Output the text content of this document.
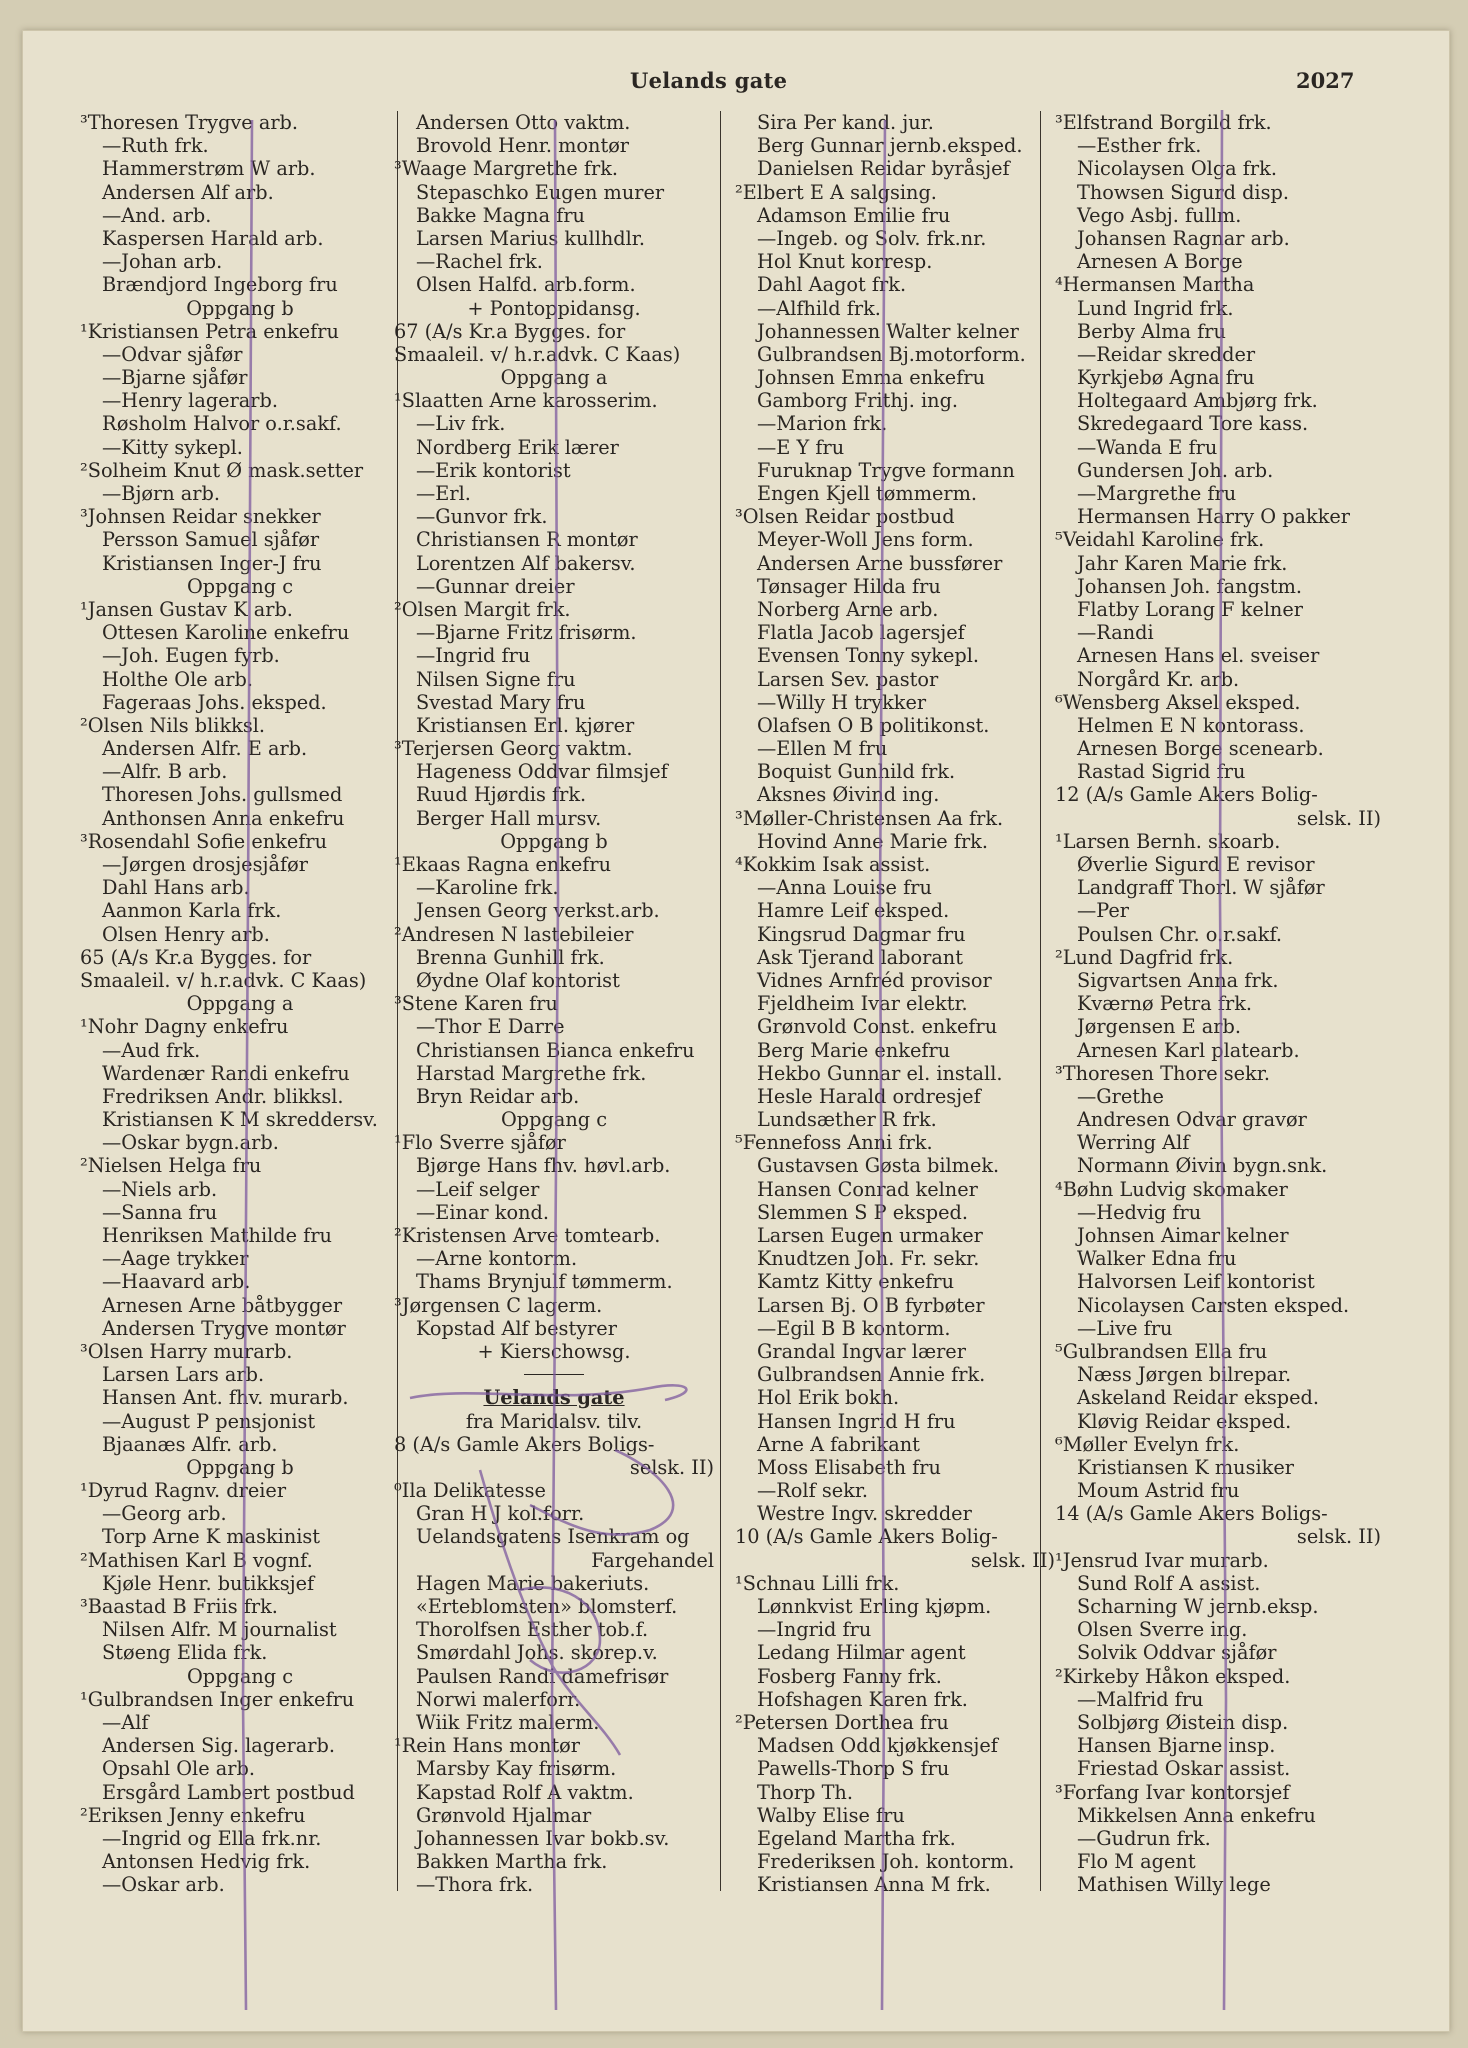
Uelands gate	2027
³Thoresen Trygve arb.
—Ruth frk.
Hammerstrøm W arb.
Andersen Alf arb.
—And. arb.
Kaspersen Harald arb.
—Johan arb.
Brændjord Ingeborg fru
Oppgang b
¹Kristiansen Petra enkefru
—Odvar sjåfør
—Bjarne sjåfør
—Henry lagerarb.
Røsholm Halvor o.r.sakf.
—Kitty sykepl.
²Solheim Knut Ø mask.setter
—Bjørn arb.
³Johnsen Reidar snekker
Persson Samuel sjåfør
Kristiansen Inger-J fru
Oppgang c
¹Jansen Gustav K arb.
Ottesen Karoline enkefru
—Joh. Eugen fyrb.
Holthe Ole arb.
Fageraas Johs. eksped.
²Olsen Nils blikksl.
Andersen Alfr. E arb.
—Alfr. B arb.
Thoresen Johs. gullsmed
Anthonsen Anna enkefru
³Rosendahl Sofie enkefru
—Jørgen drosjesjåfør
Dahl Hans arb.
Aanmon Karla frk.
Olsen Henry arb.
65 (A/s Kr.a Bygges. for
Smaaleil. v/ h.r.advk. C Kaas)
Oppgang a
¹Nohr Dagny enkefru
—Aud frk.
Wardenær Randi enkefru
Fredriksen Andr. blikksl.
Kristiansen K M skreddersv.
—Oskar bygn.arb.
²Nielsen Helga fru
—Niels arb.
—Sanna fru
Henriksen Mathilde fru
—Aage trykker
—Haavard arb.
Arnesen Arne båtbygger
Andersen Trygve montør
³Olsen Harry murarb.
Larsen Lars arb.
Hansen Ant. fhv. murarb.
—August P pensjonist
Bjaanæs Alfr. arb.
Oppgang b
¹Dyrud Ragnv. dreier
—Georg arb.
Torp Arne K maskinist
²Mathisen Karl B vognf.
Kjøle Henr. butikksjef
³Baastad B Friis frk.
Nilsen Alfr. M journalist
Støeng Elida frk.
Oppgang c
¹Gulbrandsen Inger enkefru
—Alf
Andersen Sig. lagerarb.
Opsahl Ole arb.
Ersgård Lambert postbud
²Eriksen Jenny enkefru
—Ingrid og Ella frk.nr.
Antonsen Hedvig frk.
—Oskar arb.
Andersen Otto vaktm.
Brovold Henr. montør
³Waage Margrethe frk.
Stepaschko Eugen murer
Bakke Magna fru
Larsen Marius kullhdlr.
—Rachel frk.
Olsen Halfd. arb.form.
+ Pontoppidansg.
67 (A/s Kr.a Bygges. for
Smaaleil. v/ h.r.advk. C Kaas)
Oppgang a
¹Slaatten Arne karosserim.
—Liv frk.
Nordberg Erik lærer
—Erik kontorist
—Erl.
—Gunvor frk.
Christiansen R montør
Lorentzen Alf bakersv.
—Gunnar dreier
²Olsen Margit frk.
—Bjarne Fritz frisørm.
—Ingrid fru
Nilsen Signe fru
Svestad Mary fru
Kristiansen Erl. kjører
³Terjersen Georg vaktm.
Hageness Oddvar filmsjef
Ruud Hjørdis frk.
Berger Hall mursv.
Oppgang b
¹Ekaas Ragna enkefru
—Karoline frk.
Jensen Georg verkst.arb.
²Andresen N lastebileier
Brenna Gunhill frk.
Øydne Olaf kontorist
³Stene Karen fru
—Thor E Darre
Christiansen Bianca enkefru
Harstad Margrethe frk.
Bryn Reidar arb.
Oppgang c
¹Flo Sverre sjåfør
Bjørge Hans fhv. høvl.arb.
—Leif selger
—Einar kond.
²Kristensen Arve tomtearb.
—Arne kontorm.
Thams Brynjulf tømmerm.
³Jørgensen C lagerm.
Kopstad Alf bestyrer
+ Kierschowsg.
Uelands gate
fra Maridalsv. tilv.
8 (A/s Gamle Akers Boligs-
selsk. II)
⁰Ila Delikatesse
Gran H J kol.forr.
Uelandsgatens Isenkram og
Fargehandel
Hagen Marie bakeriuts.
«Erteblomsten» blomsterf.
Thorolfsen Esther tob.f.
Smørdahl Johs. skorep.v.
Paulsen Randi damefrisør
Norwi malerforr.
Wiik Fritz malerm.
¹Rein Hans montør
Marsby Kay frisørm.
Kapstad Rolf A vaktm.
Grønvold Hjalmar
Johannessen Ivar bokb.sv.
Bakken Martha frk.
—Thora frk.
Sira Per kand. jur.
Berg Gunnar jernb.eksped.
Danielsen Reidar byråsjef
²Elbert E A salgsing.
Adamson Emilie fru
—Ingeb. og Solv. frk.nr.
Hol Knut korresp.
Dahl Aagot frk.
—Alfhild frk.
Johannessen Walter kelner
Gulbrandsen Bj.motorform.
Johnsen Emma enkefru
Gamborg Frithj. ing.
—Marion frk.
—E Y fru
Furuknap Trygve formann
Engen Kjell tømmerm.
³Olsen Reidar postbud
Meyer-Woll Jens form.
Andersen Arne bussfører
Tønsager Hilda fru
Norberg Arne arb.
Flatla Jacob lagersjef
Evensen Tonny sykepl.
Larsen Sev. pastor
—Willy H trykker
Olafsen O B politikonst.
—Ellen M fru
Boquist Gunhild frk.
Aksnes Øivind ing.
³Møller-Christensen Aa frk.
Hovind Anne Marie frk.
⁴Kokkim Isak assist.
—Anna Louise fru
Hamre Leif eksped.
Kingsrud Dagmar fru
Ask Tjerand laborant
Vidnes Arnfréd provisor
Fjeldheim Ivar elektr.
Grønvold Const. enkefru
Berg Marie enkefru
Hekbo Gunnar el. install.
Hesle Harald ordresjef
Lundsæther R frk.
⁵Fennefoss Anni frk.
Gustavsen Gøsta bilmek.
Hansen Conrad kelner
Slemmen S P eksped.
Larsen Eugen urmaker
Knudtzen Joh. Fr. sekr.
Kamtz Kitty enkefru
Larsen Bj. O B fyrbøter
—Egil B B kontorm.
Grandal Ingvar lærer
Gulbrandsen Annie frk.
Hol Erik bokh.
Hansen Ingrid H fru
Arne A fabrikant
Moss Elisabeth fru
—Rolf sekr.
Westre Ingv. skredder
10 (A/s Gamle Akers Bolig-
selsk. II)
¹Schnau Lilli frk.
Lønnkvist Erling kjøpm.
—Ingrid fru
Ledang Hilmar agent
Fosberg Fanny frk.
Hofshagen Karen frk.
²Petersen Dorthea fru
Madsen Odd kjøkkensjef
Pawells-Thorp S fru
Thorp Th.
Walby Elise fru
Egeland Martha frk.
Frederiksen Joh. kontorm.
Kristiansen Anna M frk.
³Elfstrand Borgild frk.
—Esther frk.
Nicolaysen Olga frk.
Thowsen Sigurd disp.
Vego Asbj. fullm.
Johansen Ragnar arb.
Arnesen A Borge
⁴Hermansen Martha
Lund Ingrid frk.
Berby Alma fru
—Reidar skredder
Kyrkjebø Agna fru
Holtegaard Ambjørg frk.
Skredegaard Tore kass.
—Wanda E fru
Gundersen Joh. arb.
—Margrethe fru
Hermansen Harry O pakker
⁵Veidahl Karoline frk.
Jahr Karen Marie frk.
Johansen Joh. fangstm.
Flatby Lorang F kelner
—Randi
Arnesen Hans el. sveiser
Norgård Kr. arb.
⁶Wensberg Aksel eksped.
Helmen E N kontorass.
Arnesen Borge scenearb.
Rastad Sigrid fru
12 (A/s Gamle Akers Bolig-
selsk. II)
¹Larsen Bernh. skoarb.
Øverlie Sigurd E revisor
Landgraff Thorl. W sjåfør
—Per
Poulsen Chr. o.r.sakf.
²Lund Dagfrid frk.
Sigvartsen Anna frk.
Kværnø Petra frk.
Jørgensen E arb.
Arnesen Karl platearb.
³Thoresen Thore sekr.
—Grethe
Andresen Odvar gravør
Werring Alf
Normann Øivin bygn.snk.
⁴Bøhn Ludvig skomaker
—Hedvig fru
Johnsen Aimar kelner
Walker Edna fru
Halvorsen Leif kontorist
Nicolaysen Carsten eksped.
—Live fru
⁵Gulbrandsen Ella fru
Næss Jørgen bilrepar.
Askeland Reidar eksped.
Kløvig Reidar eksped.
⁶Møller Evelyn frk.
Kristiansen K musiker
Moum Astrid fru
14 (A/s Gamle Akers Boligs-
selsk. II)
¹Jensrud Ivar murarb.
Sund Rolf A assist.
Scharning W jernb.eksp.
Olsen Sverre ing.
Solvik Oddvar sjåfør
²Kirkeby Håkon eksped.
—Malfrid fru
Solbjørg Øistein disp.
Hansen Bjarne insp.
Friestad Oskar assist.
³Forfang Ivar kontorsjef
Mikkelsen Anna enkefru
—Gudrun frk.
Flo M agent
Mathisen Willy lege
